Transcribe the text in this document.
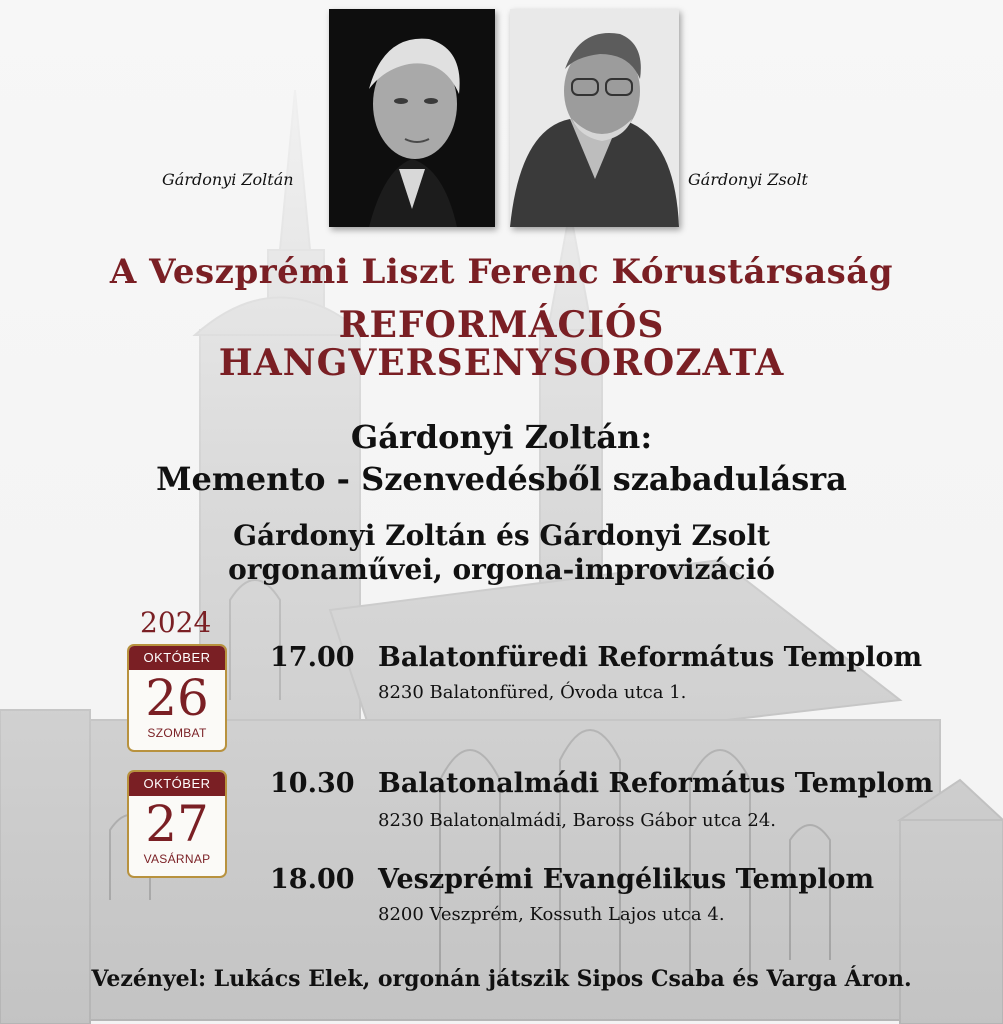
Gárdonyi Zoltán	Gárdonyi Zsolt
A Veszprémi Liszt Ferenc Kórustársaság
REFORMÁCIÓS
HANGVERSENYSOROZATA
Gárdonyi Zoltán:
Memento - Szenvedésből szabadulásra
Gárdonyi Zoltán és Gárdonyi Zsolt
orgonaművei, orgona-improvizáció
2024
OKTÓBER
26
SZOMBAT
OKTÓBER
27
VASÁRNAP
17.00 Balatonfüredi Református Templom
8230 Balatonfüred, Óvoda utca 1.
10.30 Balatonalmádi Református Templom
8230 Balatonalmádi, Baross Gábor utca 24.
18.00 Veszprémi Evangélikus Templom
8200 Veszprém, Kossuth Lajos utca 4.
Vezényel: Lukács Elek, orgonán játszik Sipos Csaba és Varga Áron.
